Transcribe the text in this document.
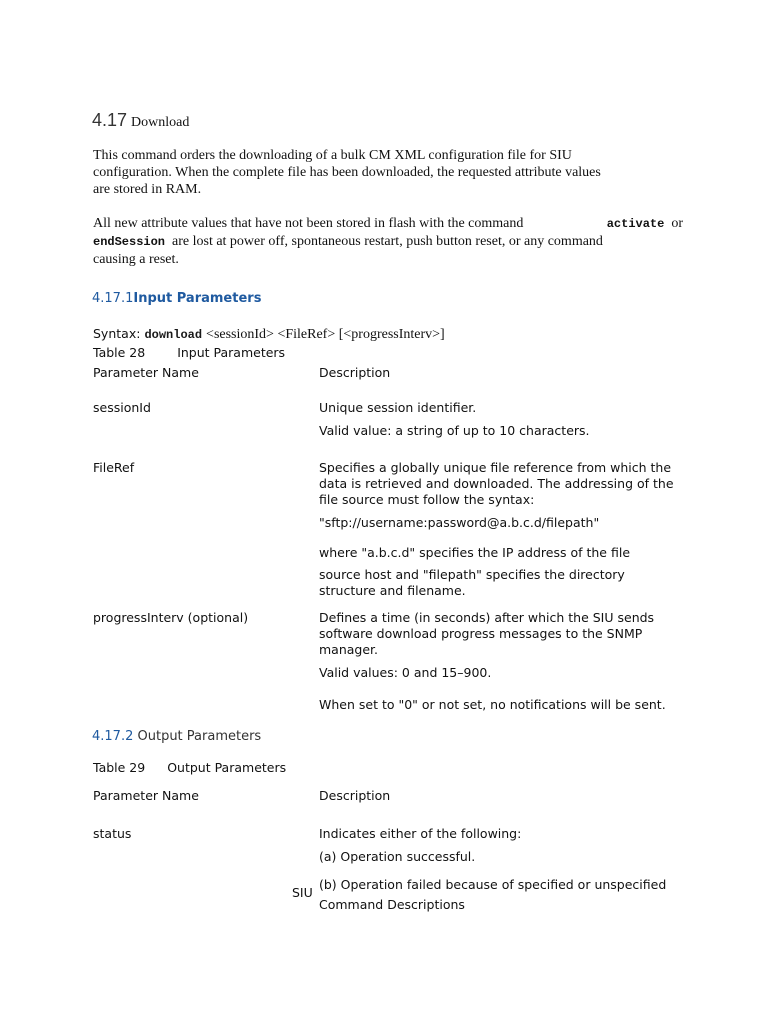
4.17 Download
This command orders the downloading of a bulk CM XML configuration file for SIU
configuration. When the complete file has been downloaded, the requested attribute values
are stored in RAM.
All new attribute values that have not been stored in flash with the command	activate or
endSession are lost at power off, spontaneous restart, push button reset, or any command
causing a reset.
4.17.1Input Parameters
Syntax: download <sessionId> <FileRef> [<progressInterv>]
Table 28	Input Parameters
Parameter Name	Description
sessionId	Unique session identifier.
Valid value: a string of up to 10 characters.
FileRef	Specifies a globally unique file reference from which the
data is retrieved and downloaded. The addressing of the
file source must follow the syntax:
"sftp://username:password@a.b.c.d/filepath"
where "a.b.c.d" specifies the IP address of the file
source host and "filepath" specifies the directory
structure and filename.
progressInterv (optional)	Defines a time (in seconds) after which the SIU sends
software download progress messages to the SNMP
manager.
Valid values: 0 and 15–900.
When set to "0" or not set, no notifications will be sent.
4.17.2 Output Parameters
Table 29 Output Parameters
Parameter Name	Description
status	Indicates either of the following:
(a) Operation successful.
(b) Operation failed because of specified or unspecified
SIU
Command Descriptions
